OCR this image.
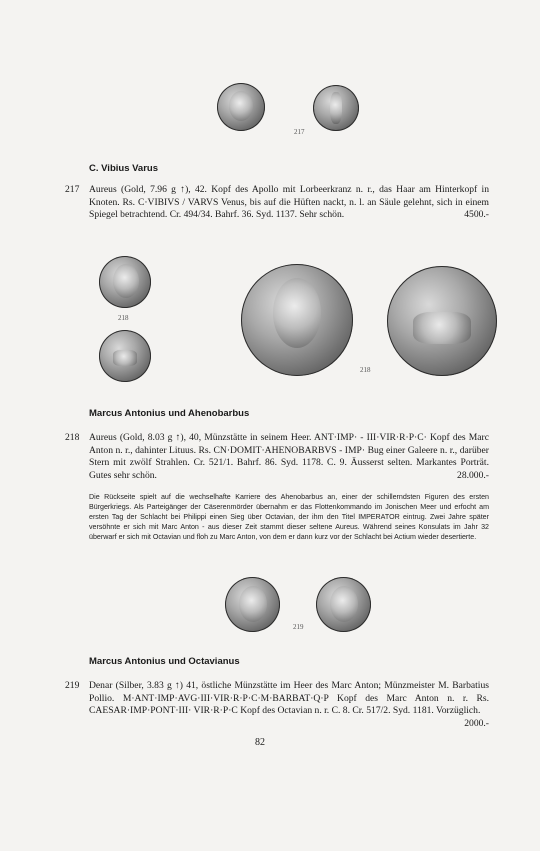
217
C. Vibius Varus
217 Aureus (Gold, 7.96 g ↑), 42. Kopf des Apollo mit Lorbeerkranz n. r., das Haar am Hinterkopf in Knoten. Rs. C·VIBIVS / VARVS Venus, bis auf die Hüften nackt, n. l. an Säule gelehnt, sich in einem Spiegel betrachtend. Cr. 494/34. Bahrf. 36. Syd. 1137. Sehr schön.	4500.-
218
218
Marcus Antonius und Ahenobarbus
218 Aureus (Gold, 8.03 g ↑), 40, Münzstätte in seinem Heer. ANT·IMP· - III·VIR·R·P·C· Kopf des Marc Anton n. r., dahinter Lituus. Rs. CN·DOMIT·AHENOBARBVS - IMP· Bug einer Galeere n. r., darüber Stern mit zwölf Strahlen. Cr. 521/1. Bahrf. 86. Syd. 1178. C. 9. Äusserst selten. Markantes Porträt. Gutes sehr schön.	28.000.-
Die Rückseite spielt auf die wechselhafte Karriere des Ahenobarbus an, einer der schillerndsten Figuren des ersten Bürgerkriegs. Als Parteigänger der Cäserenmörder übernahm er das Flottenkommando im Jonischen Meer und erfocht am ersten Tag der Schlacht bei Philippi einen Sieg über Octavian, der ihm den Titel IMPERATOR eintrug. Zwei Jahre später versöhnte er sich mit Marc Anton - aus dieser Zeit stammt dieser seltene Aureus. Während seines Konsulats im Jahr 32 überwarf er sich mit Octavian und floh zu Marc Anton, von dem er dann kurz vor der Schlacht bei Actium wieder desertierte.
219
Marcus Antonius und Octavianus
219 Denar (Silber, 3.83 g ↑) 41, östliche Münzstätte im Heer des Marc Anton; Münzmeister M. Barbatius Pollio. M·ANT·IMP·AVG·III·VIR·R·P·C·M·BARBAT·Q·P Kopf des Marc Anton n. r. Rs. CAESAR·IMP·PONT·III· VIR·R·P·C Kopf des Octavian n. r. C. 8. Cr. 517/2. Syd. 1181. Vorzüglich.
2000.-
82
